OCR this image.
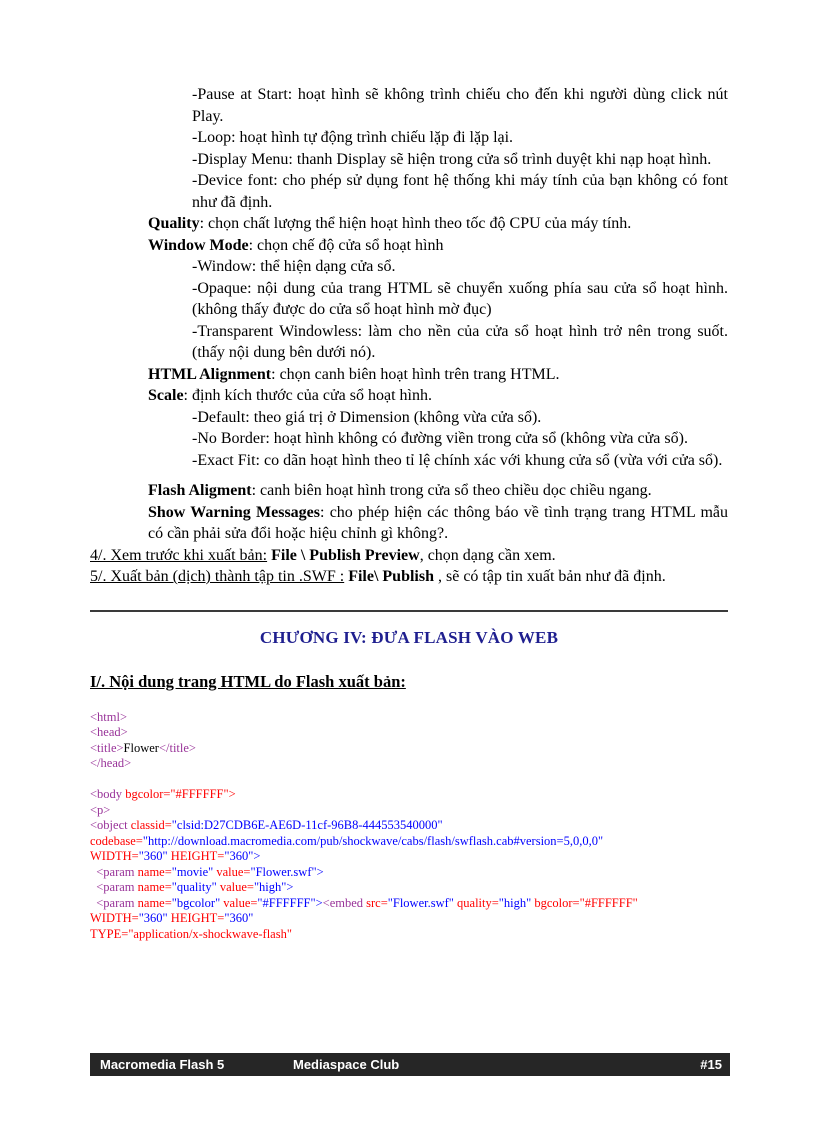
-Pause at Start: hoạt hình sẽ không trình chiếu cho đến khi người dùng click nút Play.

-Loop: hoạt hình tự động trình chiếu lặp đi lặp lại.

-Display Menu: thanh Display sẽ hiện trong cửa sổ trình duyệt khi nạp hoạt hình.

-Device font: cho phép sử dụng font hệ thống khi máy tính của bạn không có font như đã định.

Quality: chọn chất lượng thể hiện hoạt hình theo tốc độ CPU của máy tính.

Window Mode: chọn chế độ cửa sổ hoạt hình

-Window: thể hiện dạng cửa sổ.

-Opaque: nội dung của trang HTML sẽ chuyển xuống phía sau cửa sổ hoạt hình. (không thấy được do cửa sổ hoạt hình mờ đục)

-Transparent Windowless: làm cho nền của cửa sổ hoạt hình trở nên trong suốt. (thấy nội dung bên dưới nó).

HTML Alignment: chọn canh biên hoạt hình trên trang HTML.

Scale: định kích thước của cửa sổ hoạt hình.

-Default: theo giá trị ở Dimension (không vừa cửa sổ).

-No Border: hoạt hình không có đường viền trong cửa sổ (không vừa cửa sổ).

-Exact Fit: co dãn hoạt hình theo tỉ lệ chính xác với khung cửa sổ (vừa với cửa sổ).

Flash Aligment: canh biên hoạt hình trong cửa sổ theo chiều dọc chiều ngang.

Show Warning Messages: cho phép hiện các thông báo về tình trạng trang HTML mẫu có cần phải sửa đổi hoặc hiệu chỉnh gì không?.

4/. Xem trước khi xuất bản: File \ Publish Preview, chọn dạng cần xem.

5/. Xuất bản (dịch) thành tập tin .SWF : File\ Publish , sẽ có tập tin xuất bản như đã định.

CHƯƠNG IV: ĐƯA FLASH VÀO WEB
I/. Nội dung trang HTML do Flash xuất bản:
<html>
<head>
<title>Flower</title>
</head>

<body bgcolor="#FFFFFF">
<p>
<object classid="clsid:D27CDB6E-AE6D-11cf-96B8-444553540000"
codebase="http://download.macromedia.com/pub/shockwave/cabs/flash/swflash.cab#version=5,0,0,0"
WIDTH="360" HEIGHT="360">
<param name="movie" value="Flower.swf">
<param name="quality" value="high">
<param name="bgcolor" value="#FFFFFF"><embed src="Flower.swf" quality="high" bgcolor="#FFFFFF"
WIDTH="360" HEIGHT="360"
TYPE="application/x-shockwave-flash"
Macromedia Flash 5	Mediaspace Club	#15
